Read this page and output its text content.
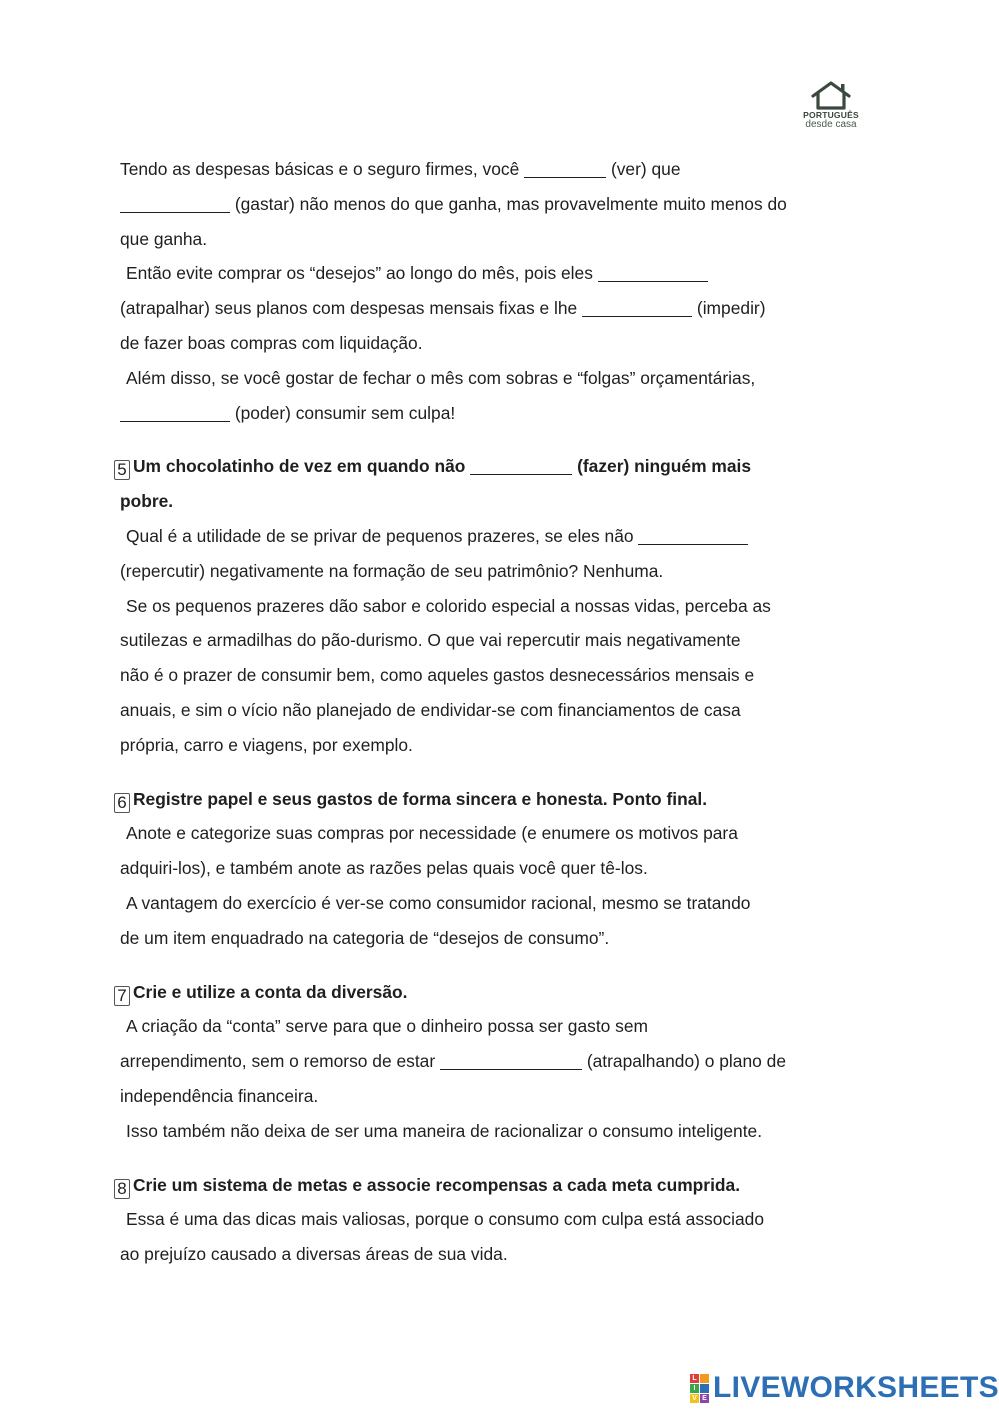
PORTUGUÊS
desde casa
Tendo as despesas básicas e o seguro firmes, você	(ver) que
(gastar) não menos do que ganha, mas provavelmente muito menos do
que ganha.
Então evite comprar os “desejos” ao longo do mês, pois eles
(atrapalhar) seus planos com despesas mensais fixas e lhe	(impedir)
de fazer boas compras com liquidação.
Além disso, se você gostar de fechar o mês com sobras e “folgas” orçamentárias,
(poder) consumir sem culpa!
5 Um chocolatinho de vez em quando não	(fazer) ninguém mais
pobre.
Qual é a utilidade de se privar de pequenos prazeres, se eles não
(repercutir) negativamente na formação de seu patrimônio? Nenhuma.
Se os pequenos prazeres dão sabor e colorido especial a nossas vidas, perceba as
sutilezas e armadilhas do pão-durismo. O que vai repercutir mais negativamente
não é o prazer de consumir bem, como aqueles gastos desnecessários mensais e
anuais, e sim o vício não planejado de endividar-se com financiamentos de casa
própria, carro e viagens, por exemplo.
6 Registre papel e seus gastos de forma sincera e honesta. Ponto final.
Anote e categorize suas compras por necessidade (e enumere os motivos para
adquiri-los), e também anote as razões pelas quais você quer tê-los.
A vantagem do exercício é ver-se como consumidor racional, mesmo se tratando
de um item enquadrado na categoria de “desejos de consumo”.
7 Crie e utilize a conta da diversão.
A criação da “conta” serve para que o dinheiro possa ser gasto sem
arrependimento, sem o remorso de estar	(atrapalhando) o plano de
independência financeira.
Isso também não deixa de ser uma maneira de racionalizar o consumo inteligente.
8 Crie um sistema de metas e associe recompensas a cada meta cumprida.
Essa é uma das dicas mais valiosas, porque o consumo com culpa está associado
ao prejuízo causado a diversas áreas de sua vida.
L
I
V E LIVEWORKSHEETS
